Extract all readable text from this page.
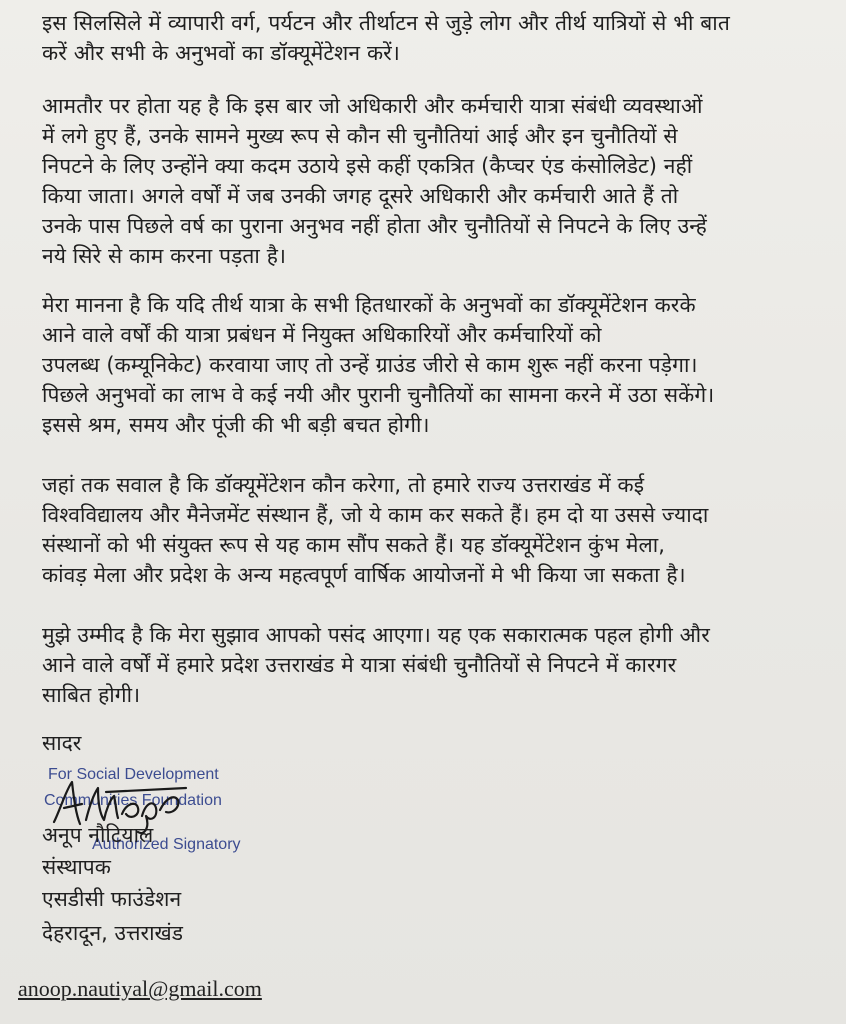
इस सिलसिले में व्यापारी वर्ग, पर्यटन और तीर्थाटन से जुड़े लोग और तीर्थ यात्रियों से भी बात
करें और सभी के अनुभवों का डॉक्यूमेंटेशन करें।
आमतौर पर होता यह है कि इस बार जो अधिकारी और कर्मचारी यात्रा संबंधी व्यवस्थाओं
में लगे हुए हैं, उनके सामने मुख्य रूप से कौन सी चुनौतियां आई और इन चुनौतियों से
निपटने के लिए उन्होंने क्या कदम उठाये इसे कहीं एकत्रित (कैप्चर एंड कंसोलिडेट) नहीं
किया जाता। अगले वर्षों में जब उनकी जगह दूसरे अधिकारी और कर्मचारी आते हैं तो
उनके पास पिछले वर्ष का पुराना अनुभव नहीं होता और चुनौतियों से निपटने के लिए उन्हें
नये सिरे से काम करना पड़ता है।
मेरा मानना है कि यदि तीर्थ यात्रा के सभी हितधारकों के अनुभवों का डॉक्यूमेंटेशन करके
आने वाले वर्षों की यात्रा प्रबंधन में नियुक्त अधिकारियों और कर्मचारियों को
उपलब्ध (कम्यूनिकेट) करवाया जाए तो उन्हें ग्राउंड जीरो से काम शुरू नहीं करना पड़ेगा।
पिछले अनुभवों का लाभ वे कई नयी और पुरानी चुनौतियों का सामना करने में उठा सकेंगे।
इससे श्रम, समय और पूंजी की भी बड़ी बचत होगी।
जहां तक सवाल है कि डॉक्यूमेंटेशन कौन करेगा, तो हमारे राज्य उत्तराखंड में कई
विश्वविद्यालय और मैनेजमेंट संस्थान हैं, जो ये काम कर सकते हैं। हम दो या उससे ज्यादा
संस्थानों को भी संयुक्त रूप से यह काम सौंप सकते हैं। यह डॉक्यूमेंटेशन कुंभ मेला,
कांवड़ मेला और प्रदेश के अन्य महत्वपूर्ण वार्षिक आयोजनों मे भी किया जा सकता है।
मुझे उम्मीद है कि मेरा सुझाव आपको पसंद आएगा। यह एक सकारात्मक पहल होगी और
आने वाले वर्षों में हमारे प्रदेश उत्तराखंड मे यात्रा संबंधी चुनौतियों से निपटने में कारगर
साबित होगी।
सादर
For Social Development
Communities Foundation
Authorized Signatory
अनूप नौटियाल
संस्थापक
एसडीसी फाउंडेशन
देहरादून, उत्तराखंड
anoop.nautiyal@gmail.com
